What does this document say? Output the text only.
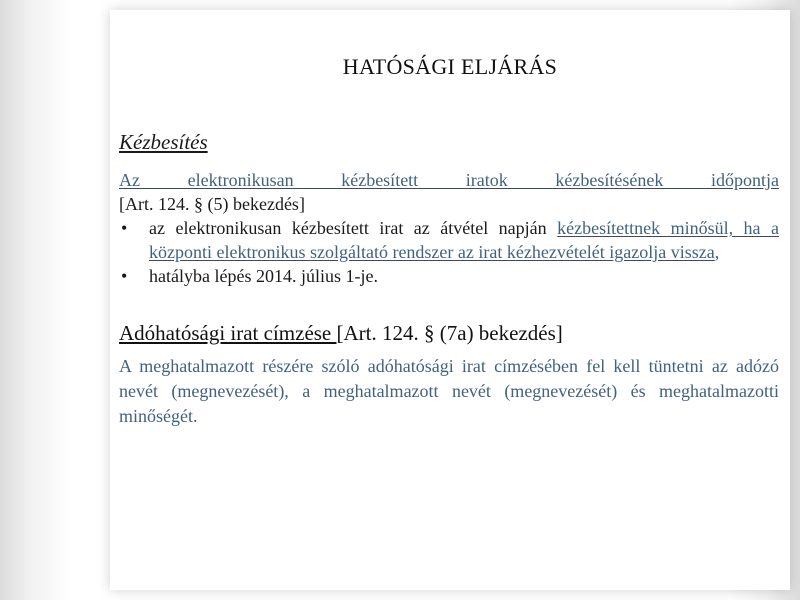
HATÓSÁGI ELJÁRÁS
Kézbesítés
Az elektronikusan kézbesített iratok kézbesítésének időpontja
[Art. 124. § (5) bekezdés]
• az elektronikusan kézbesített irat az átvétel napján kézbesítettnek minősül, ha a központi elektronikus szolgáltató rendszer az irat kézhezvételét igazolja vissza,
• hatályba lépés 2014. július 1-je.
Adóhatósági irat címzése [Art. 124. § (7a) bekezdés]
A meghatalmazott részére szóló adóhatósági irat címzésében fel kell tüntetni az adózó nevét (megnevezését), a meghatalmazott nevét (megnevezését) és meghatalmazotti minőségét.
